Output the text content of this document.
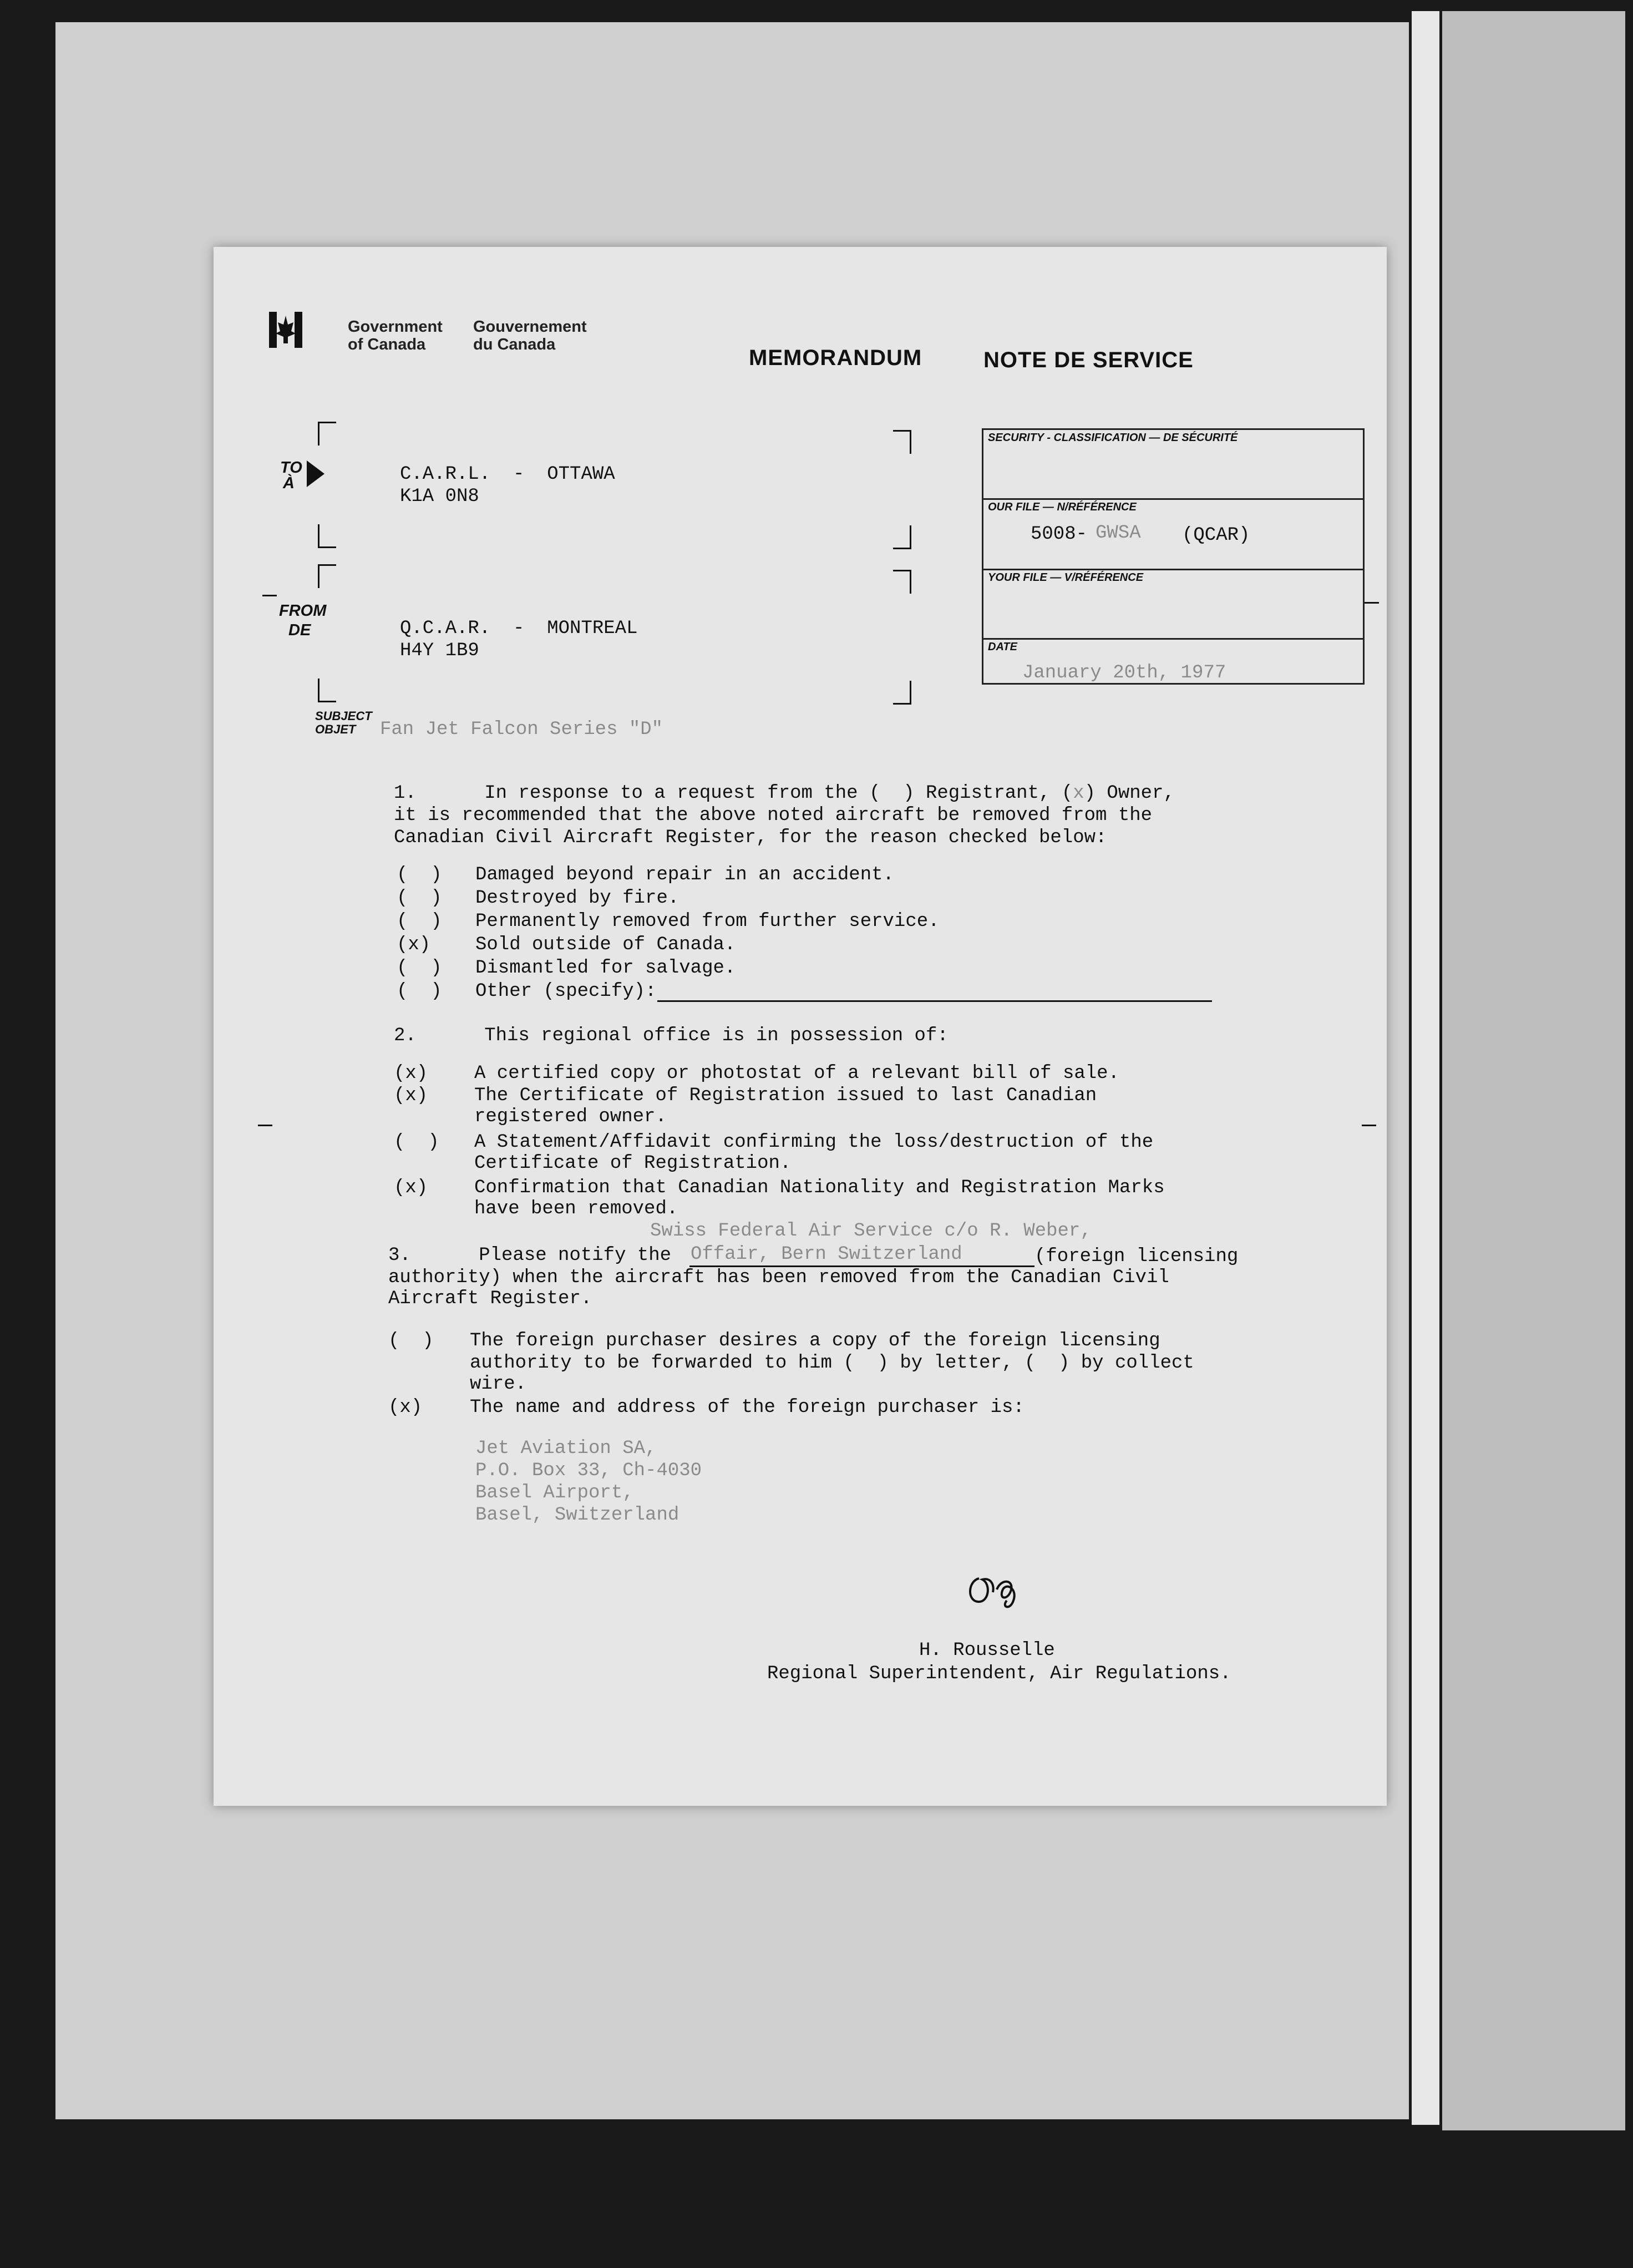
Government
of Canada
Gouvernement
du Canada
MEMORANDUM	NOTE DE SERVICE
TO
À	C.A.R.L.  -  OTTAWA
K1A 0N8
FROM
DE	Q.C.A.R.  -  MONTREAL
H4Y 1B9
SECURITY - CLASSIFICATION — DE SÉCURITÉ
OUR FILE — N/RÉFÉRENCE
5008- GWSA (QCAR)
YOUR FILE — V/RÉFÉRENCE
DATE
January 20th, 1977
SUBJECT
OBJET Fan Jet Falcon Series "D"
1.      In response to a request from the (  ) Registrant, (x) Owner,
it is recommended that the above noted aircraft be removed from the
Canadian Civil Aircraft Register, for the reason checked below:
(  ) Damaged beyond repair in an accident.
(  ) Destroyed by fire.
(  ) Permanently removed from further service.
(x) Sold outside of Canada.
(  ) Dismantled for salvage.
(  ) Other (specify):
2.      This regional office is in possession of:
(x) A certified copy or photostat of a relevant bill of sale.
(x) The Certificate of Registration issued to last Canadian
registered owner.
(  ) A Statement/Affidavit confirming the loss/destruction of the
Certificate of Registration.
(x) Confirmation that Canadian Nationality and Registration Marks
have been removed.
Swiss Federal Air Service c/o R. Weber,
3.      Please notify the Offair, Bern Switzerland	(foreign licensing
authority) when the aircraft has been removed from the Canadian Civil
Aircraft Register.
(  ) The foreign purchaser desires a copy of the foreign licensing
authority to be forwarded to him (  ) by letter, (  ) by collect
wire.
(x)	The name and address of the foreign purchaser is:
Jet Aviation SA,
P.O. Box 33, Ch-4030
Basel Airport,
Basel, Switzerland
H. Rousselle
Regional Superintendent, Air Regulations.
